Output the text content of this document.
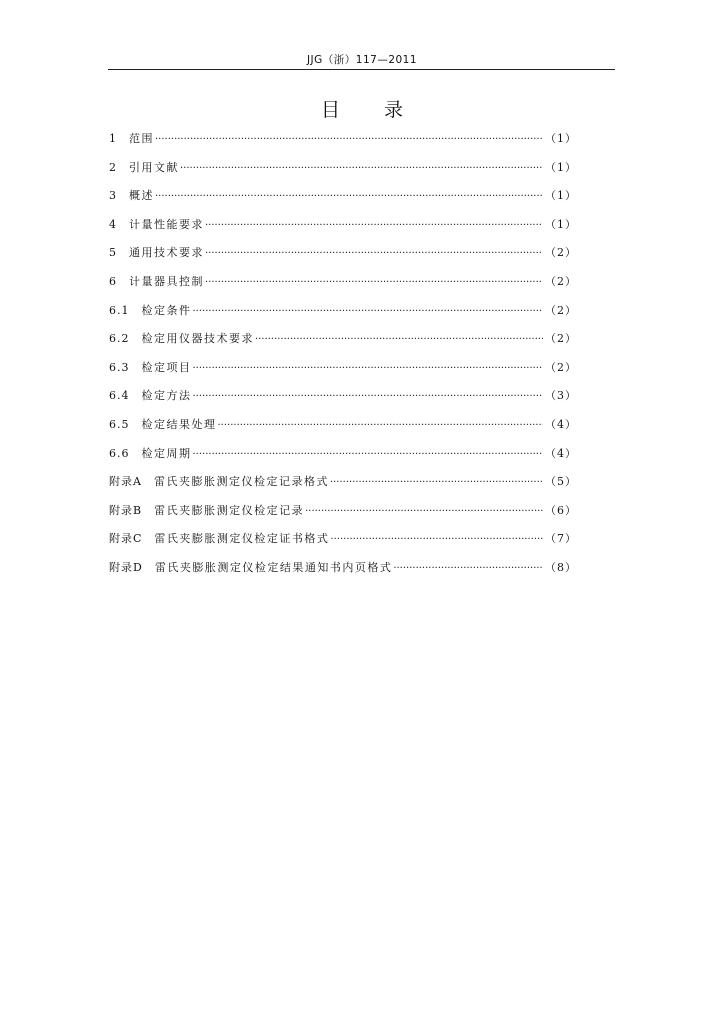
JJG（浙）117—2011
目 录
1 范围 ·····	（1）
2 引用文献 ·····	（1）
3 概述 ·····	（1）
4 计量性能要求 ·····	（1）
5 通用技术要求 ·····	（2）
6 计量器具控制 ·····	（2）
6.1 检定条件 ·····	（2）
6.2 检定用仪器技术要求 ·····	（2）
6.3 检定项目 ·····	（2）
6.4 检定方法 ·····	（3）
6.5 检定结果处理 ·····	（4）
6.6 检定周期 ·····	（4）
附录A 雷氏夹膨胀测定仪检定记录格式 ·····	（5）
附录B 雷氏夹膨胀测定仪检定记录 ·····	（6）
附录C 雷氏夹膨胀测定仪检定证书格式 ·····	（7）
附录D 雷氏夹膨胀测定仪检定结果通知书内页格式 ·····	（8）
